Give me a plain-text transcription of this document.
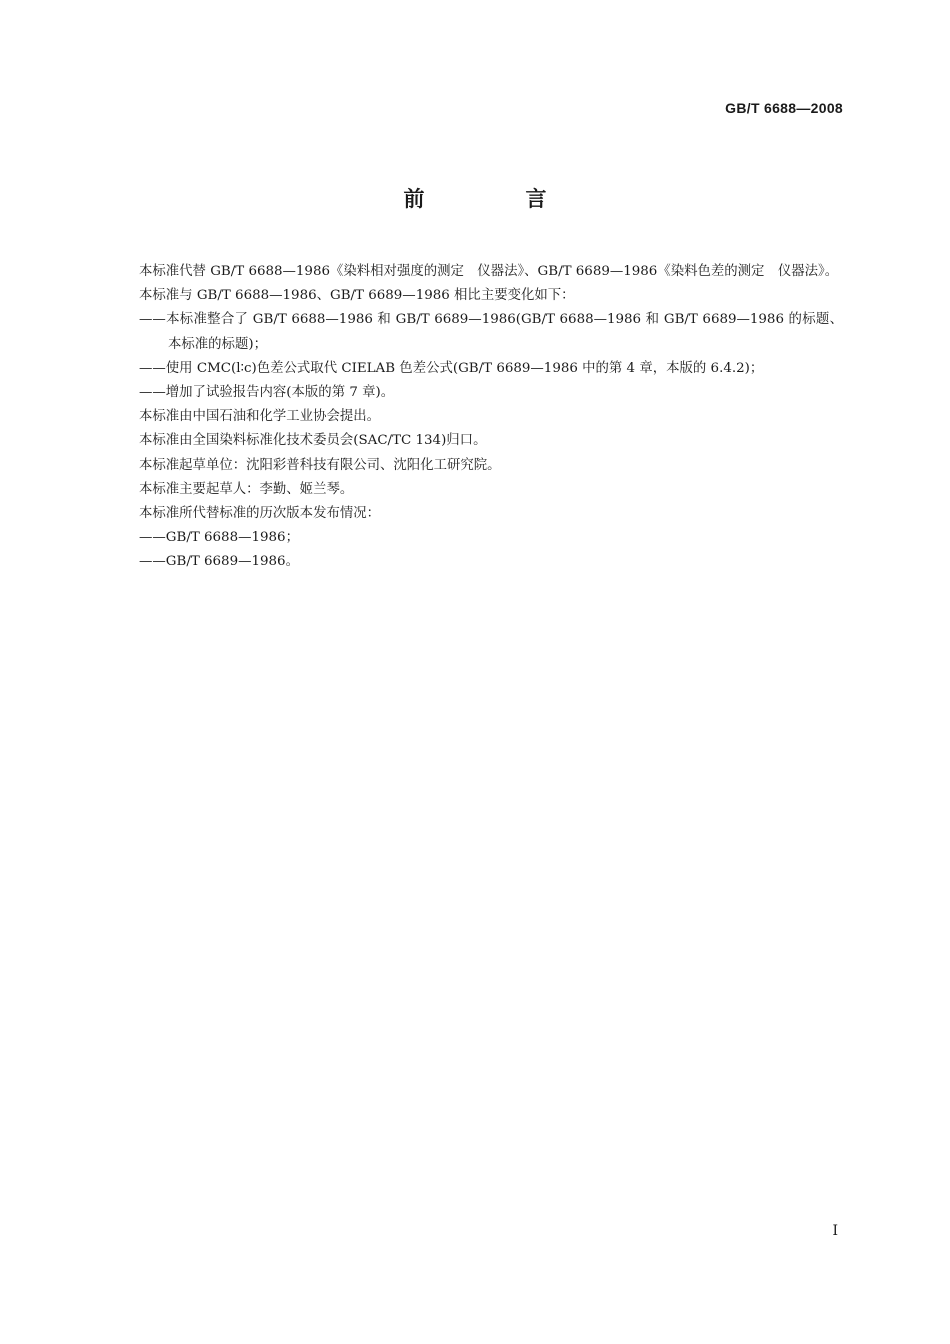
GB/T 6688—2008
前　言

本标准代替 GB/T 6688—1986《染料相对强度的测定　仪器法》、GB/T 6689—1986《染料色差的测定　仪器法》。

本标准与 GB/T 6688—1986、GB/T 6689—1986 相比主要变化如下：

——本标准整合了 GB/T 6688—1986 和 GB/T 6689—1986(GB/T 6688—1986 和 GB/T 6689—1986 的标题、本标准的标题)；

——使用 CMC(l∶c)色差公式取代 CIELAB 色差公式(GB/T 6689—1986 中的第 4 章，本版的 6.4.2)；

——增加了试验报告内容(本版的第 7 章)。

本标准由中国石油和化学工业协会提出。

本标准由全国染料标准化技术委员会(SAC/TC 134)归口。

本标准起草单位：沈阳彩普科技有限公司、沈阳化工研究院。

本标准主要起草人：李勤、姬兰琴。

本标准所代替标准的历次版本发布情况：

——GB/T 6688—1986；

——GB/T 6689—1986。

I
